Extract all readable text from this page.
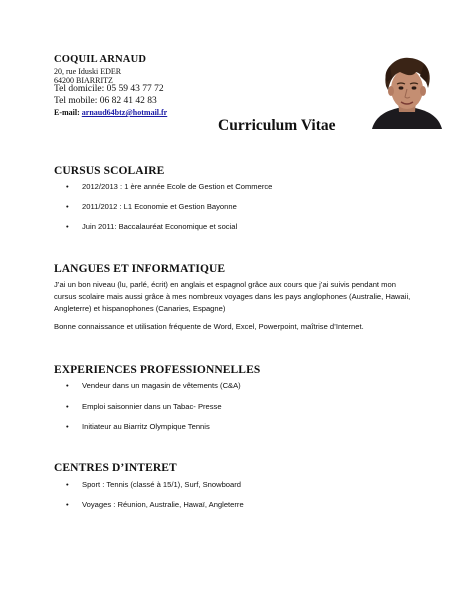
COQUIL ARNAUD
20, rue Iduski EDER
64200 BIARRITZ
Tel domicile: 05 59 43 77 72
Tel mobile: 06 82 41 42 83
E-mail: arnaud64btz@hotmail.fr
Curriculum Vitae
CURSUS SCOLAIRE
• 2012/2013 : 1 ère année Ecole de Gestion et Commerce
• 2011/2012 : L1 Economie et Gestion Bayonne
• Juin 2011: Baccalauréat Economique et social
LANGUES ET INFORMATIQUE
J’ai un bon niveau (lu, parlé, écrit) en anglais et espagnol grâce aux cours que j’ai suivis pendant mon
cursus scolaire mais aussi grâce à mes nombreux voyages dans les pays anglophones (Australie, Hawaii,
Angleterre) et hispanophones (Canaries, Espagne)
Bonne connaissance et utilisation fréquente de Word, Excel, Powerpoint, maîtrise d’Internet.
EXPERIENCES PROFESSIONNELLES
• Vendeur dans un magasin de vêtements (C&A)
• Emploi saisonnier dans un Tabac- Presse
• Initiateur au Biarritz Olympique Tennis
CENTRES D’INTERET
• Sport : Tennis (classé à 15/1), Surf, Snowboard
• Voyages : Réunion, Australie, Hawaï, Angleterre
